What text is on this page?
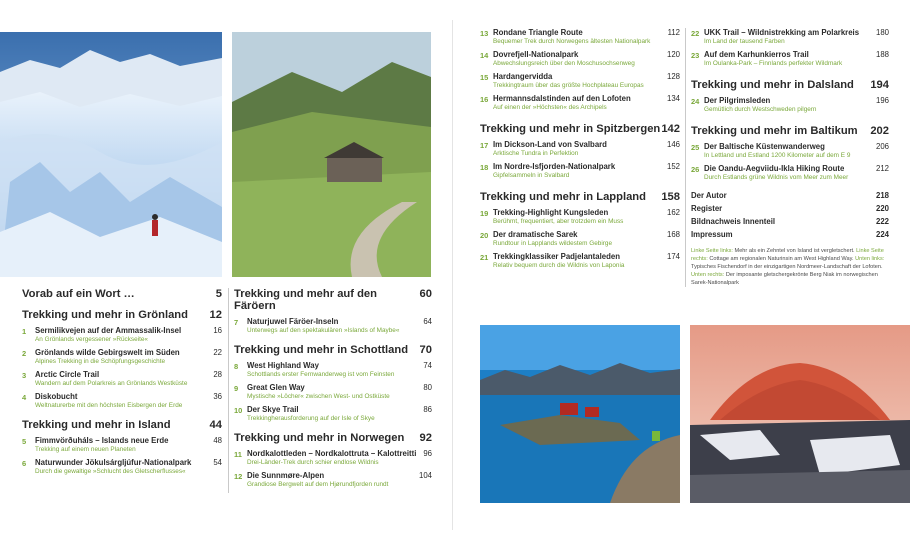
Vorab auf ein Wort …	5
Trekking und mehr in Grönland 12
1	Sermilikvejen auf der Ammassalik-Insel	16
An Grönlands vergessener »Rückseite«
2	Grönlands wilde Gebirgswelt im Süden	22
Alpines Trekking in die Schöpfungsgeschichte
3	Arctic Circle Trail	28
Wandern auf dem Polarkreis an Grönlands Westküste
4	Diskobucht	36
Weltnaturerbe mit den höchsten Eisbergen der Erde
Trekking und mehr in Island	44
5	Fimmvörðuháls – Islands neue Erde	48
Trekking auf einem neuen Planeten
6	Naturwunder Jökulsárgljúfur-Nationalpark	54
Durch die gewaltige »Schlucht des Gletscherflusses«
Trekking und mehr auf den Färöern
60
7	Naturjuwel Färöer-Inseln	64
Unterwegs auf den spektakulären »Islands of Maybe«
Trekking und mehr in Schottland 70
8	West Highland Way	74
Schottlands erster Fernwanderweg ist vom Feinsten
9	Great Glen Way	80
Mystische »Löcher« zwischen West- und Ostküste
10 Der Skye Trail	86
Trekkingherausforderung auf der Isle of Skye
Trekking und mehr in Norwegen 92
11 Nordkalottleden – Nordkalottruta – Kalottreitti 96
Drei-Länder-Trek durch schier endlose Wildnis
12 Die Sunnmøre-Alpen	104
Grandiose Bergwelt auf dem Hjørundfjorden rundt
13 Rondane Triangle Route	112
Bequemer Trek durch Norwegens ältesten Nationalpark
14 Dovrefjell-Nationalpark	120
Abwechslungsreich über den Moschusochsenweg
15 Hardangervidda	128
Trekkingtraum über das größte Hochplateau Europas
16 Hermannsdalstinden auf den Lofoten	134
Auf einen der »Höchsten« des Archipels
Trekking und mehr in Spitzbergen 142
17 Im Dickson-Land von Svalbard	146
Arktische Tundra in Perfektion
18 Im Nordre-Isfjorden-Nationalpark	152
Gipfelsammeln in Svalbard
Trekking und mehr in Lappland 158
19 Trekking-Highlight Kungsleden	162
Berühmt, frequentiert, aber trotzdem ein Muss
20 Der dramatische Sarek	168
Rundtour in Lapplands wildestem Gebirge
21 Trekkingklassiker Padjelantaleden	174
Relativ bequem durch die Wildnis von Laponia
22 UKK Trail – Wildnistrekking am Polarkreis	180
Im Land der tausend Farben
23 Auf dem Karhunkierros Trail	188
Im Oulanka-Park – Finnlands perfekter Wildmark
Trekking und mehr in Dalsland 194
24 Der Pilgrimsleden	196
Gemütlich durch Westschweden pilgern
Trekking und mehr im Baltikum 202
25 Der Baltische Küstenwanderweg	206
In Lettland und Estland 1200 Kilometer auf dem E 9
26 Die Oandu-Aegviidu-Ikla Hiking Route	212
Durch Estlands grüne Wildnis vom Meer zum Meer
Der Autor	218
Register	220
Bildnachweis Innenteil	222
Impressum	224
Linke Seite links: Mehr als ein Zehntel von Island ist vergletschert. Linke Seite rechts: Cottage am regionalen Naturinsin am West Highland Way. Unten links: Typisches Fischendorf in der einzigartigen Nordmeer-Landschaft der Lofoten. Unten rechts: Der imposante gletschergekrönte Berg Niak im norwegischen Sarek-Nationalpark
